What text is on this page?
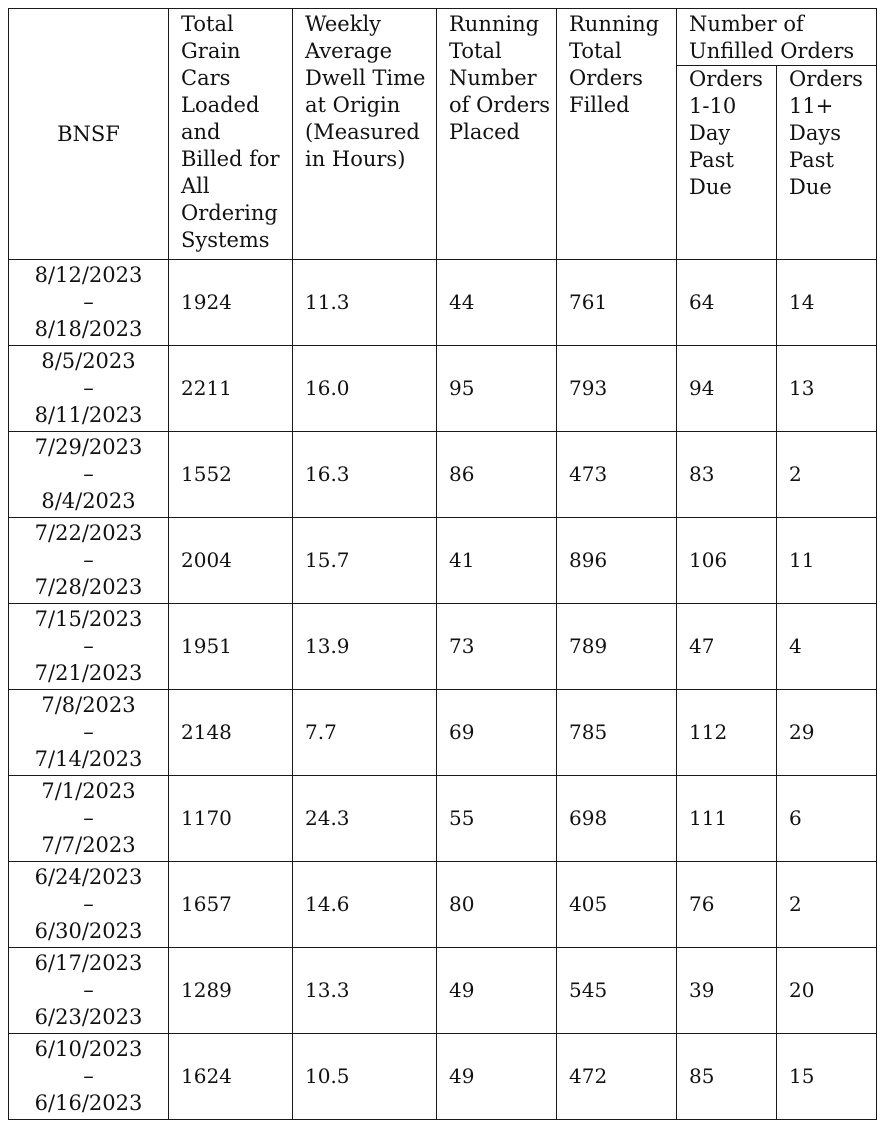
BNSF	Total Grain Cars Loaded and Billed for All Ordering Systems	Weekly Average Dwell Time at Origin (Measured in Hours)	Running Total Number of Orders Placed	Running Total Orders Filled	Number of Unfilled Orders	
					Orders 1-10 Day Past Due	Orders 11+ Days Past Due

8/12/2023
–
8/18/2023	1924	11.3	44	761	64	14

8/5/2023
–
8/11/2023	2211	16.0	95	793	94	13

7/29/2023
–
8/4/2023	1552	16.3	86	473	83	2

7/22/2023
–
7/28/2023	2004	15.7	41	896	106	11

7/15/2023
–
7/21/2023	1951	13.9	73	789	47	4

7/8/2023
–
7/14/2023	2148	7.7	69	785	112	29

7/1/2023
–
7/7/2023	1170	24.3	55	698	111	6

6/24/2023
–
6/30/2023	1657	14.6	80	405	76	2

6/17/2023
–
6/23/2023	1289	13.3	49	545	39	20

6/10/2023
–
6/16/2023	1624	10.5	49	472	85	15
